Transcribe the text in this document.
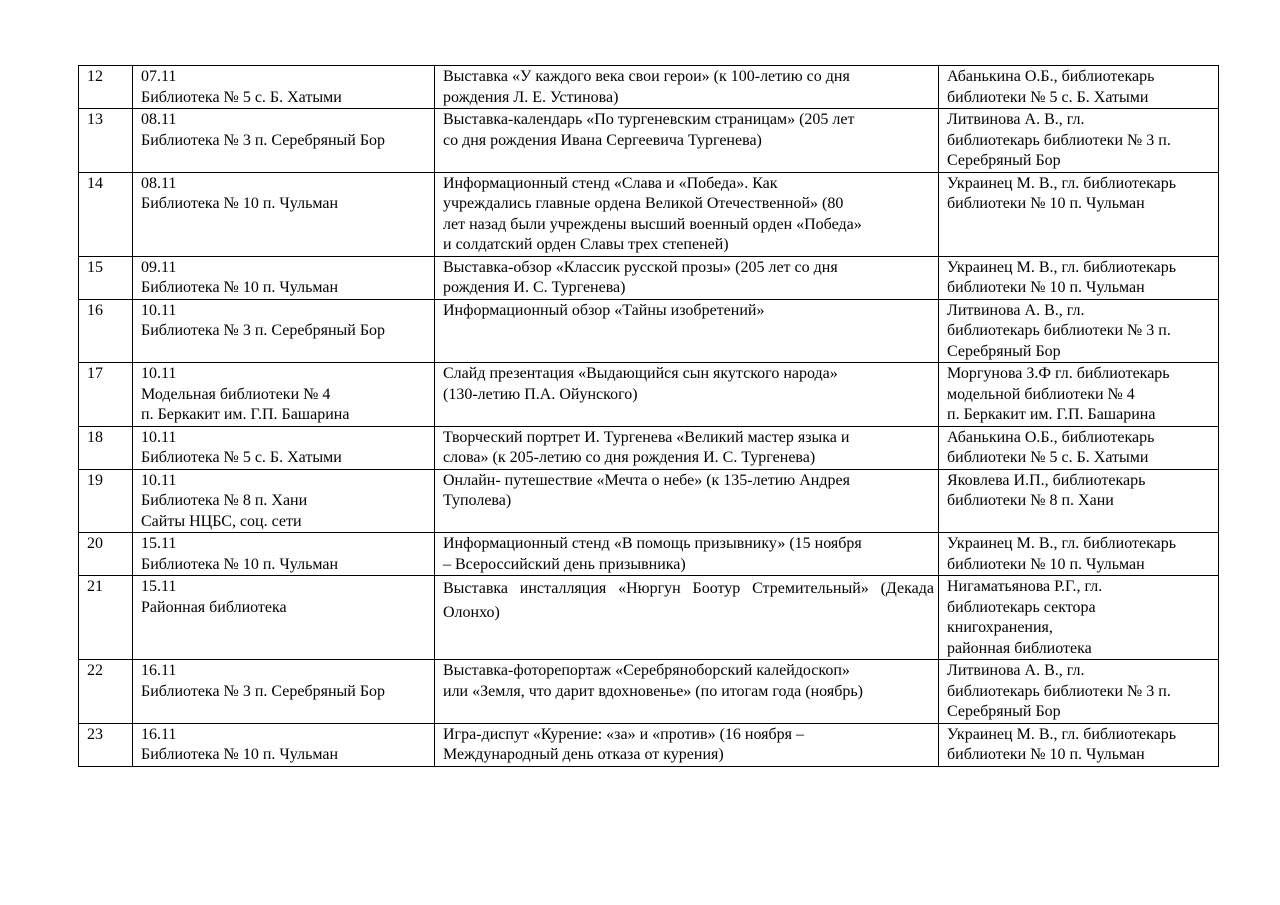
12	07.11
Библиотека № 5 с. Б. Хатыми	Выставка «У каждого века свои герои» (к 100-летию со дня
рождения Л. Е. Устинова)	Абанькина О.Б., библиотекарь
библиотеки № 5 с. Б. Хатыми

13	08.11
Библиотека № 3 п. Серебряный Бор	Выставка-календарь «По тургеневским страницам» (205 лет
со дня рождения Ивана Сергеевича Тургенева)	Литвинова А. В., гл.
библиотекарь библиотеки № 3 п.
Серебряный Бор

14	08.11
Библиотека № 10 п. Чульман	Информационный стенд «Слава и «Победа». Как
учреждались главные ордена Великой Отечественной» (80
лет назад были учреждены высший военный орден «Победа»
и солдатский орден Славы трех степеней)	Украинец М. В., гл. библиотекарь
библиотеки № 10 п. Чульман

15	09.11
Библиотека № 10 п. Чульман	Выставка-обзор «Классик русской прозы» (205 лет со дня
рождения И. С. Тургенева)	Украинец М. В., гл. библиотекарь
библиотеки № 10 п. Чульман

16	10.11
Библиотека № 3 п. Серебряный Бор	Информационный обзор «Тайны изобретений»	Литвинова А. В., гл.
библиотекарь библиотеки № 3 п.
Серебряный Бор

17	10.11
Модельная библиотеки № 4
п. Беркакит им. Г.П. Башарина	Слайд презентация «Выдающийся сын якутского народа»
(130-летию П.А. Ойунского)	Моргунова З.Ф гл. библиотекарь
модельной библиотеки № 4
п. Беркакит им. Г.П. Башарина

18	10.11
Библиотека № 5 с. Б. Хатыми	Творческий портрет И. Тургенева «Великий мастер языка и
слова» (к 205-летию со дня рождения И. С. Тургенева)	Абанькина О.Б., библиотекарь
библиотеки № 5 с. Б. Хатыми

19	10.11
Библиотека № 8 п. Хани
Сайты НЦБС, соц. сети	Онлайн- путешествие «Мечта о небе» (к 135-летию Андрея
Туполева)	Яковлева И.П., библиотекарь
библиотеки № 8 п. Хани

20	15.11
Библиотека № 10 п. Чульман	Информационный стенд «В помощь призывнику» (15 ноября
– Всероссийский день призывника)	Украинец М. В., гл. библиотекарь
библиотеки № 10 п. Чульман

21	15.11
Районная библиотека	Выставка инсталляция «Нюргун Боотур Стремительный» (Декада Олонхо)	Нигаматьянова Р.Г., гл.
библиотекарь сектора
книгохранения,
районная библиотека

22	16.11
Библиотека № 3 п. Серебряный Бор	Выставка-фоторепортаж «Серебряноборский калейдоскоп»
или «Земля, что дарит вдохновенье» (по итогам года (ноябрь)	Литвинова А. В., гл.
библиотекарь библиотеки № 3 п.
Серебряный Бор

23	16.11
Библиотека № 10 п. Чульман	Игра-диспут «Курение: «за» и «против» (16 ноября –
Международный день отказа от курения)	Украинец М. В., гл. библиотекарь
библиотеки № 10 п. Чульман
